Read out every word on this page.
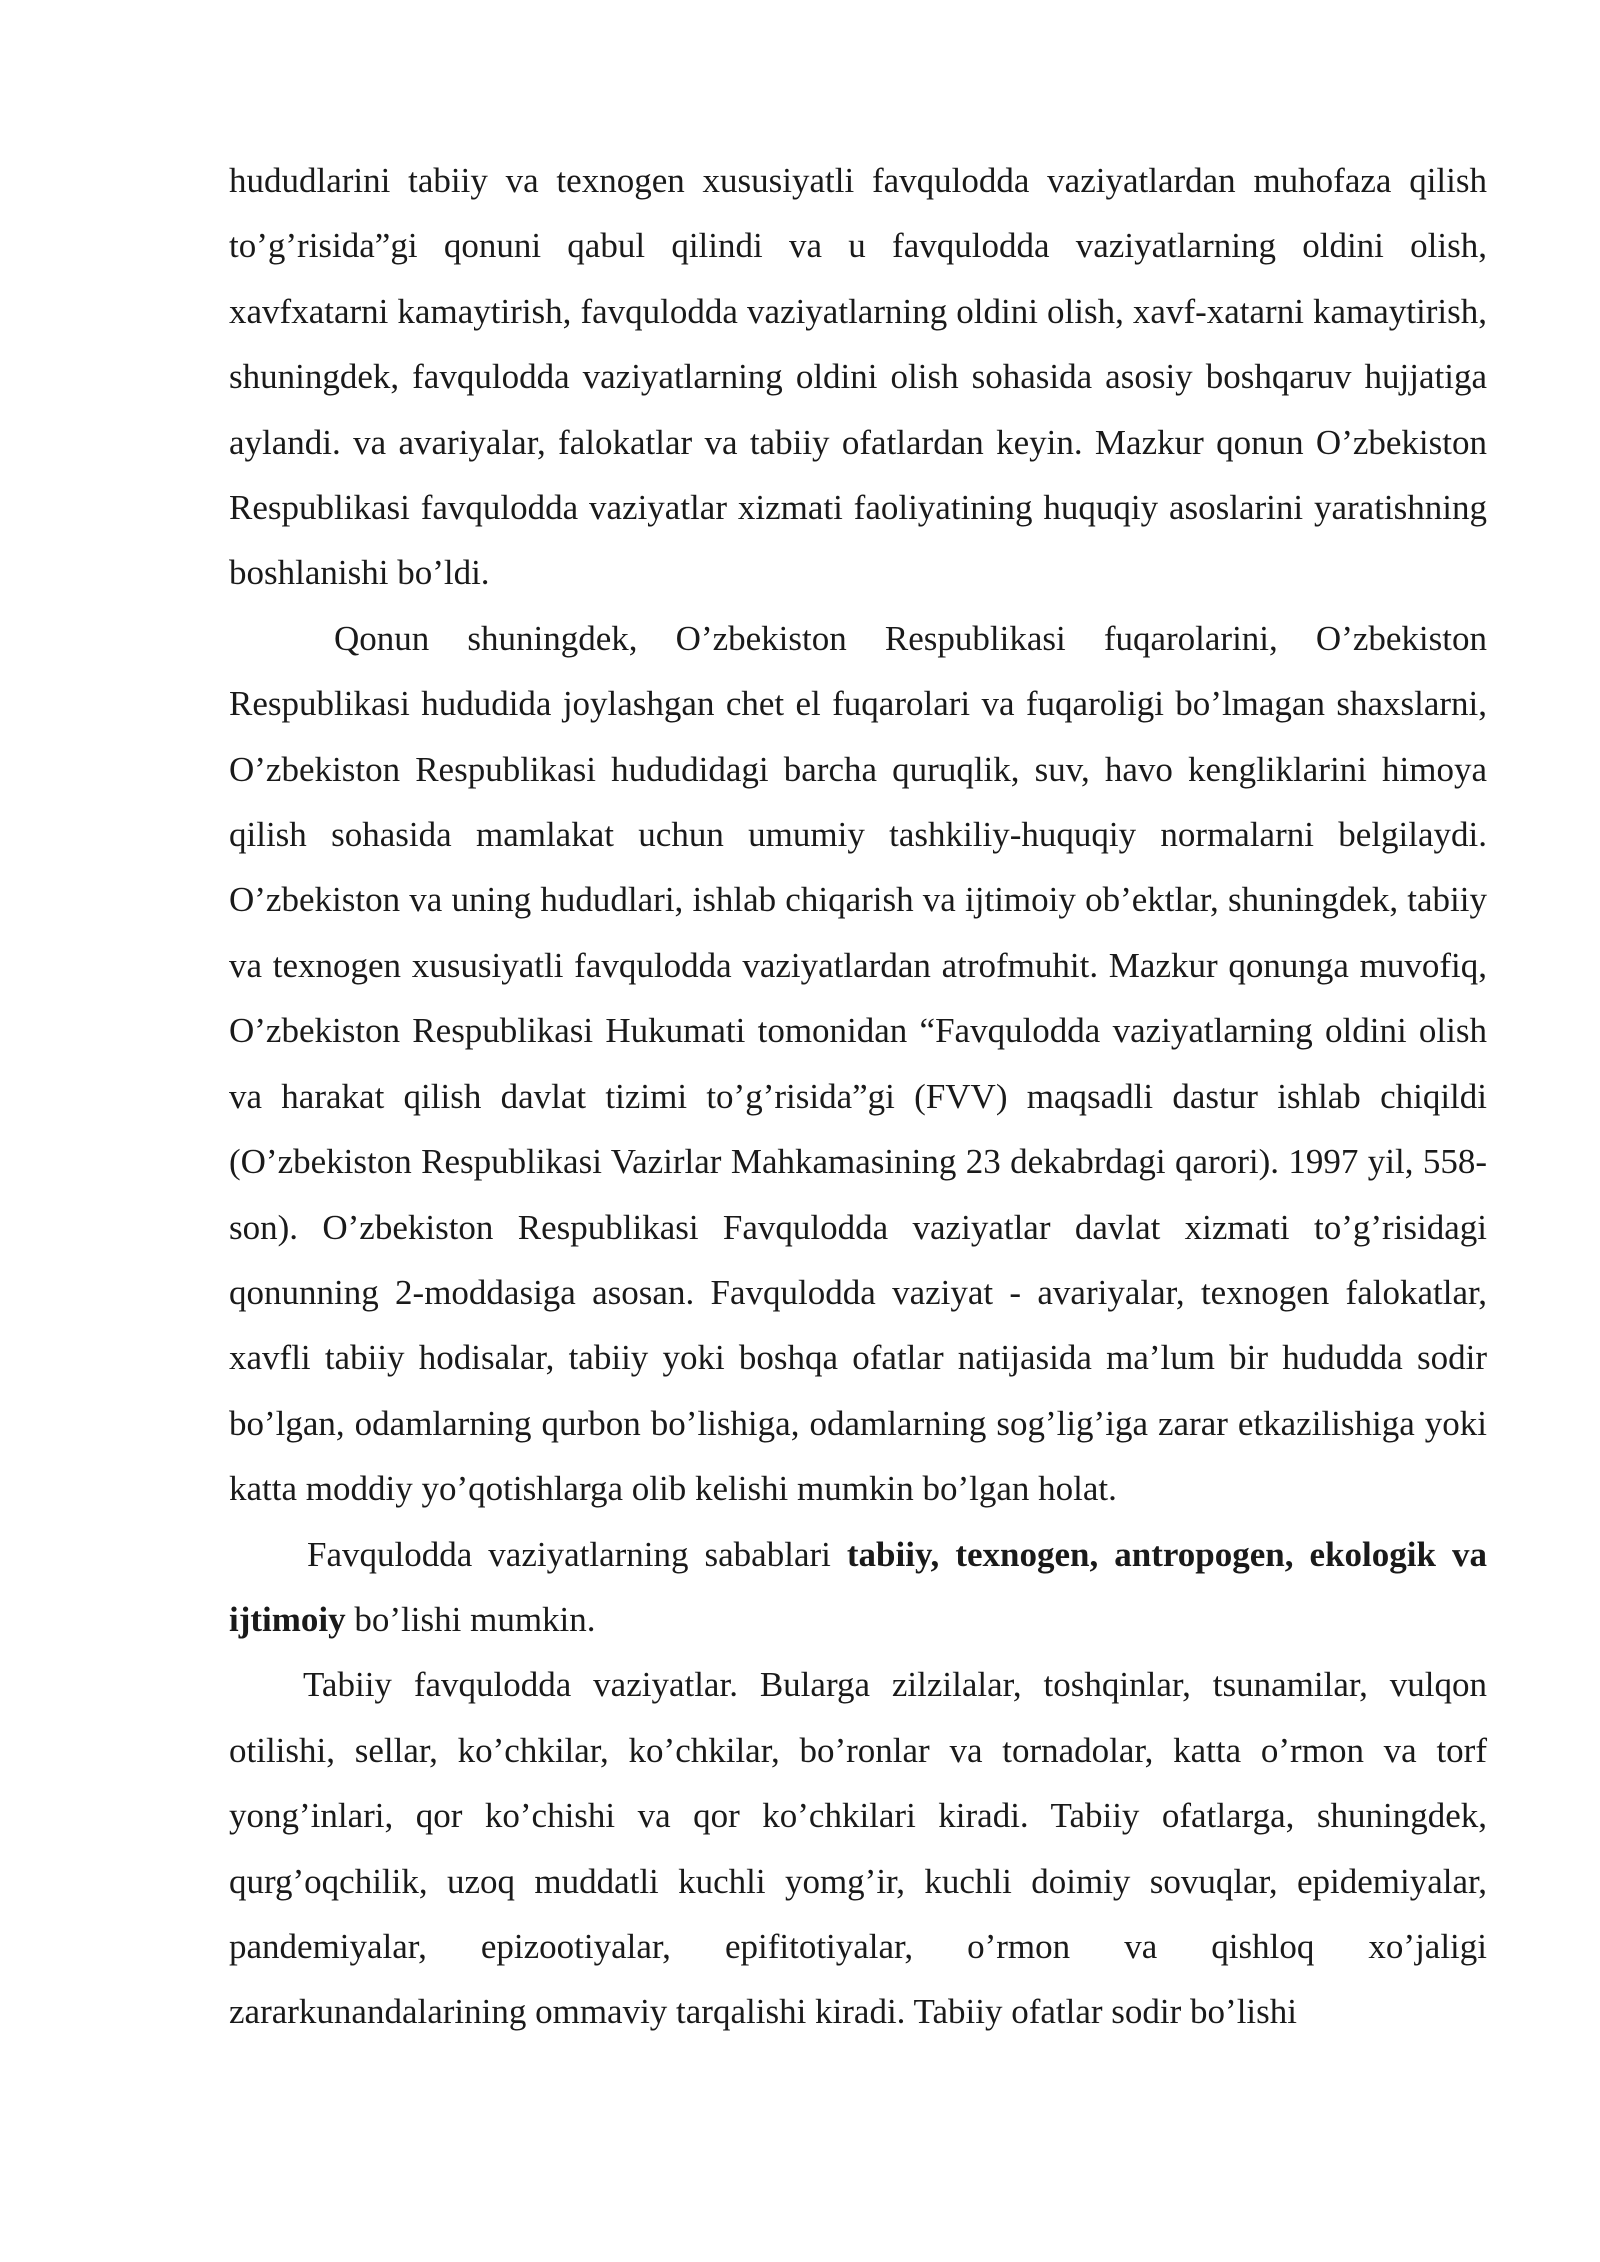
hududlarini tabiiy va texnogen xususiyatli favqulodda vaziyatlardan muhofaza qilish to’g’risida”gi qonuni qabul qilindi va u favqulodda vaziyatlarning oldini olish, xavfxatarni kamaytirish, favqulodda vaziyatlarning oldini olish, xavf-xatarni kamaytirish, shuningdek, favqulodda vaziyatlarning oldini olish sohasida asosiy boshqaruv hujjatiga aylandi. va avariyalar, falokatlar va tabiiy ofatlardan keyin. Mazkur qonun O’zbekiston Respublikasi favqulodda vaziyatlar xizmati faoliyatining huquqiy asoslarini yaratishning boshlanishi bo’ldi.

Qonun shuningdek, O’zbekiston Respublikasi fuqarolarini, O’zbekiston Respublikasi hududida joylashgan chet el fuqarolari va fuqaroligi bo’lmagan shaxslarni, O’zbekiston Respublikasi hududidagi barcha quruqlik, suv, havo kengliklarini himoya qilish sohasida mamlakat uchun umumiy tashkiliy-huquqiy normalarni belgilaydi. O’zbekiston va uning hududlari, ishlab chiqarish va ijtimoiy ob’ektlar, shuningdek, tabiiy va texnogen xususiyatli favqulodda vaziyatlardan atrofmuhit. Mazkur qonunga muvofiq, O’zbekiston Respublikasi Hukumati tomonidan “Favqulodda vaziyatlarning oldini olish va harakat qilish davlat tizimi to’g’risida”gi (FVV) maqsadli dastur ishlab chiqildi (O’zbekiston Respublikasi Vazirlar Mahkamasining 23 dekabrdagi qarori). 1997 yil, 558-son). O’zbekiston Respublikasi Favqulodda vaziyatlar davlat xizmati to’g’risidagi qonunning 2-moddasiga asosan. Favqulodda vaziyat - avariyalar, texnogen falokatlar, xavfli tabiiy hodisalar, tabiiy yoki boshqa ofatlar natijasida ma’lum bir hududda sodir bo’lgan, odamlarning qurbon bo’lishiga, odamlarning sog’lig’iga zarar etkazilishiga yoki katta moddiy yo’qotishlarga olib kelishi mumkin bo’lgan holat.

Favqulodda vaziyatlarning sabablari tabiiy, texnogen, antropogen, ekologik va ijtimoiy bo’lishi mumkin.

Tabiiy favqulodda vaziyatlar. Bularga zilzilalar, toshqinlar, tsunamilar, vulqon otilishi, sellar, ko’chkilar, ko’chkilar, bo’ronlar va tornadolar, katta o’rmon va torf yong’inlari, qor ko’chishi va qor ko’chkilari kiradi. Tabiiy ofatlarga, shuningdek, qurg’oqchilik, uzoq muddatli kuchli yomg’ir, kuchli doimiy sovuqlar, epidemiyalar, pandemiyalar, epizootiyalar, epifitotiyalar, o’rmon va qishloq xo’jaligi zararkunandalarining ommaviy tarqalishi kiradi. Tabiiy ofatlar sodir bo’lishi
